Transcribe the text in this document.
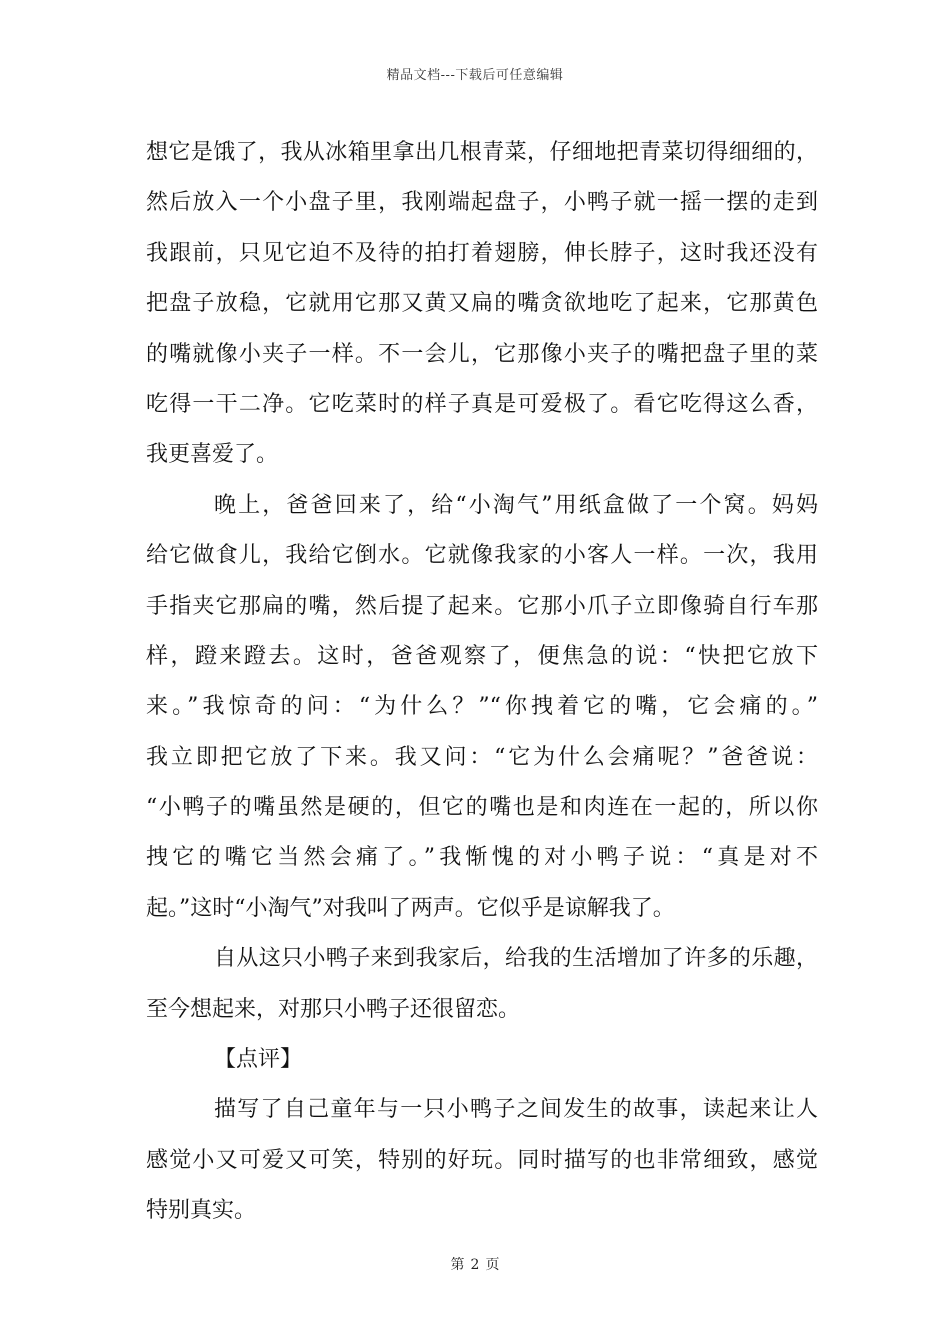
精品文档---下载后可任意编辑
想它是饿了，我从冰箱里拿出几根青菜，仔细地把青菜切得细细的，
然后放入一个小盘子里，我刚端起盘子，小鸭子就一摇一摆的走到
我跟前，只见它迫不及待的拍打着翅膀，伸长脖子，这时我还没有
把盘子放稳，它就用它那又黄又扁的嘴贪欲地吃了起来，它那黄色
的嘴就像小夹子一样。不一会儿，它那像小夹子的嘴把盘子里的菜
吃得一干二净。它吃菜时的样子真是可爱极了。看它吃得这么香，
我更喜爱了。
晚上，爸爸回来了，给“小淘气”用纸盒做了一个窝。妈妈
给它做食儿，我给它倒水。它就像我家的小客人一样。一次，我用
手指夹它那扁的嘴，然后提了起来。它那小爪子立即像骑自行车那
样，蹬来蹬去。这时，爸爸观察了，便焦急的说：“快把它放下
来。”我惊奇的问：“为什么？”“你拽着它的嘴，它会痛的。”
我立即把它放了下来。我又问：“它为什么会痛呢？”爸爸说：
“小鸭子的嘴虽然是硬的，但它的嘴也是和肉连在一起的，所以你
拽它的嘴它当然会痛了。”我惭愧的对小鸭子说：“真是对不
起。”这时“小淘气”对我叫了两声。它似乎是谅解我了。
自从这只小鸭子来到我家后，给我的生活增加了许多的乐趣，
至今想起来，对那只小鸭子还很留恋。
【点评】
描写了自己童年与一只小鸭子之间发生的故事，读起来让人
感觉小又可爱又可笑，特别的好玩。同时描写的也非常细致，感觉
特别真实。
第 2 页
